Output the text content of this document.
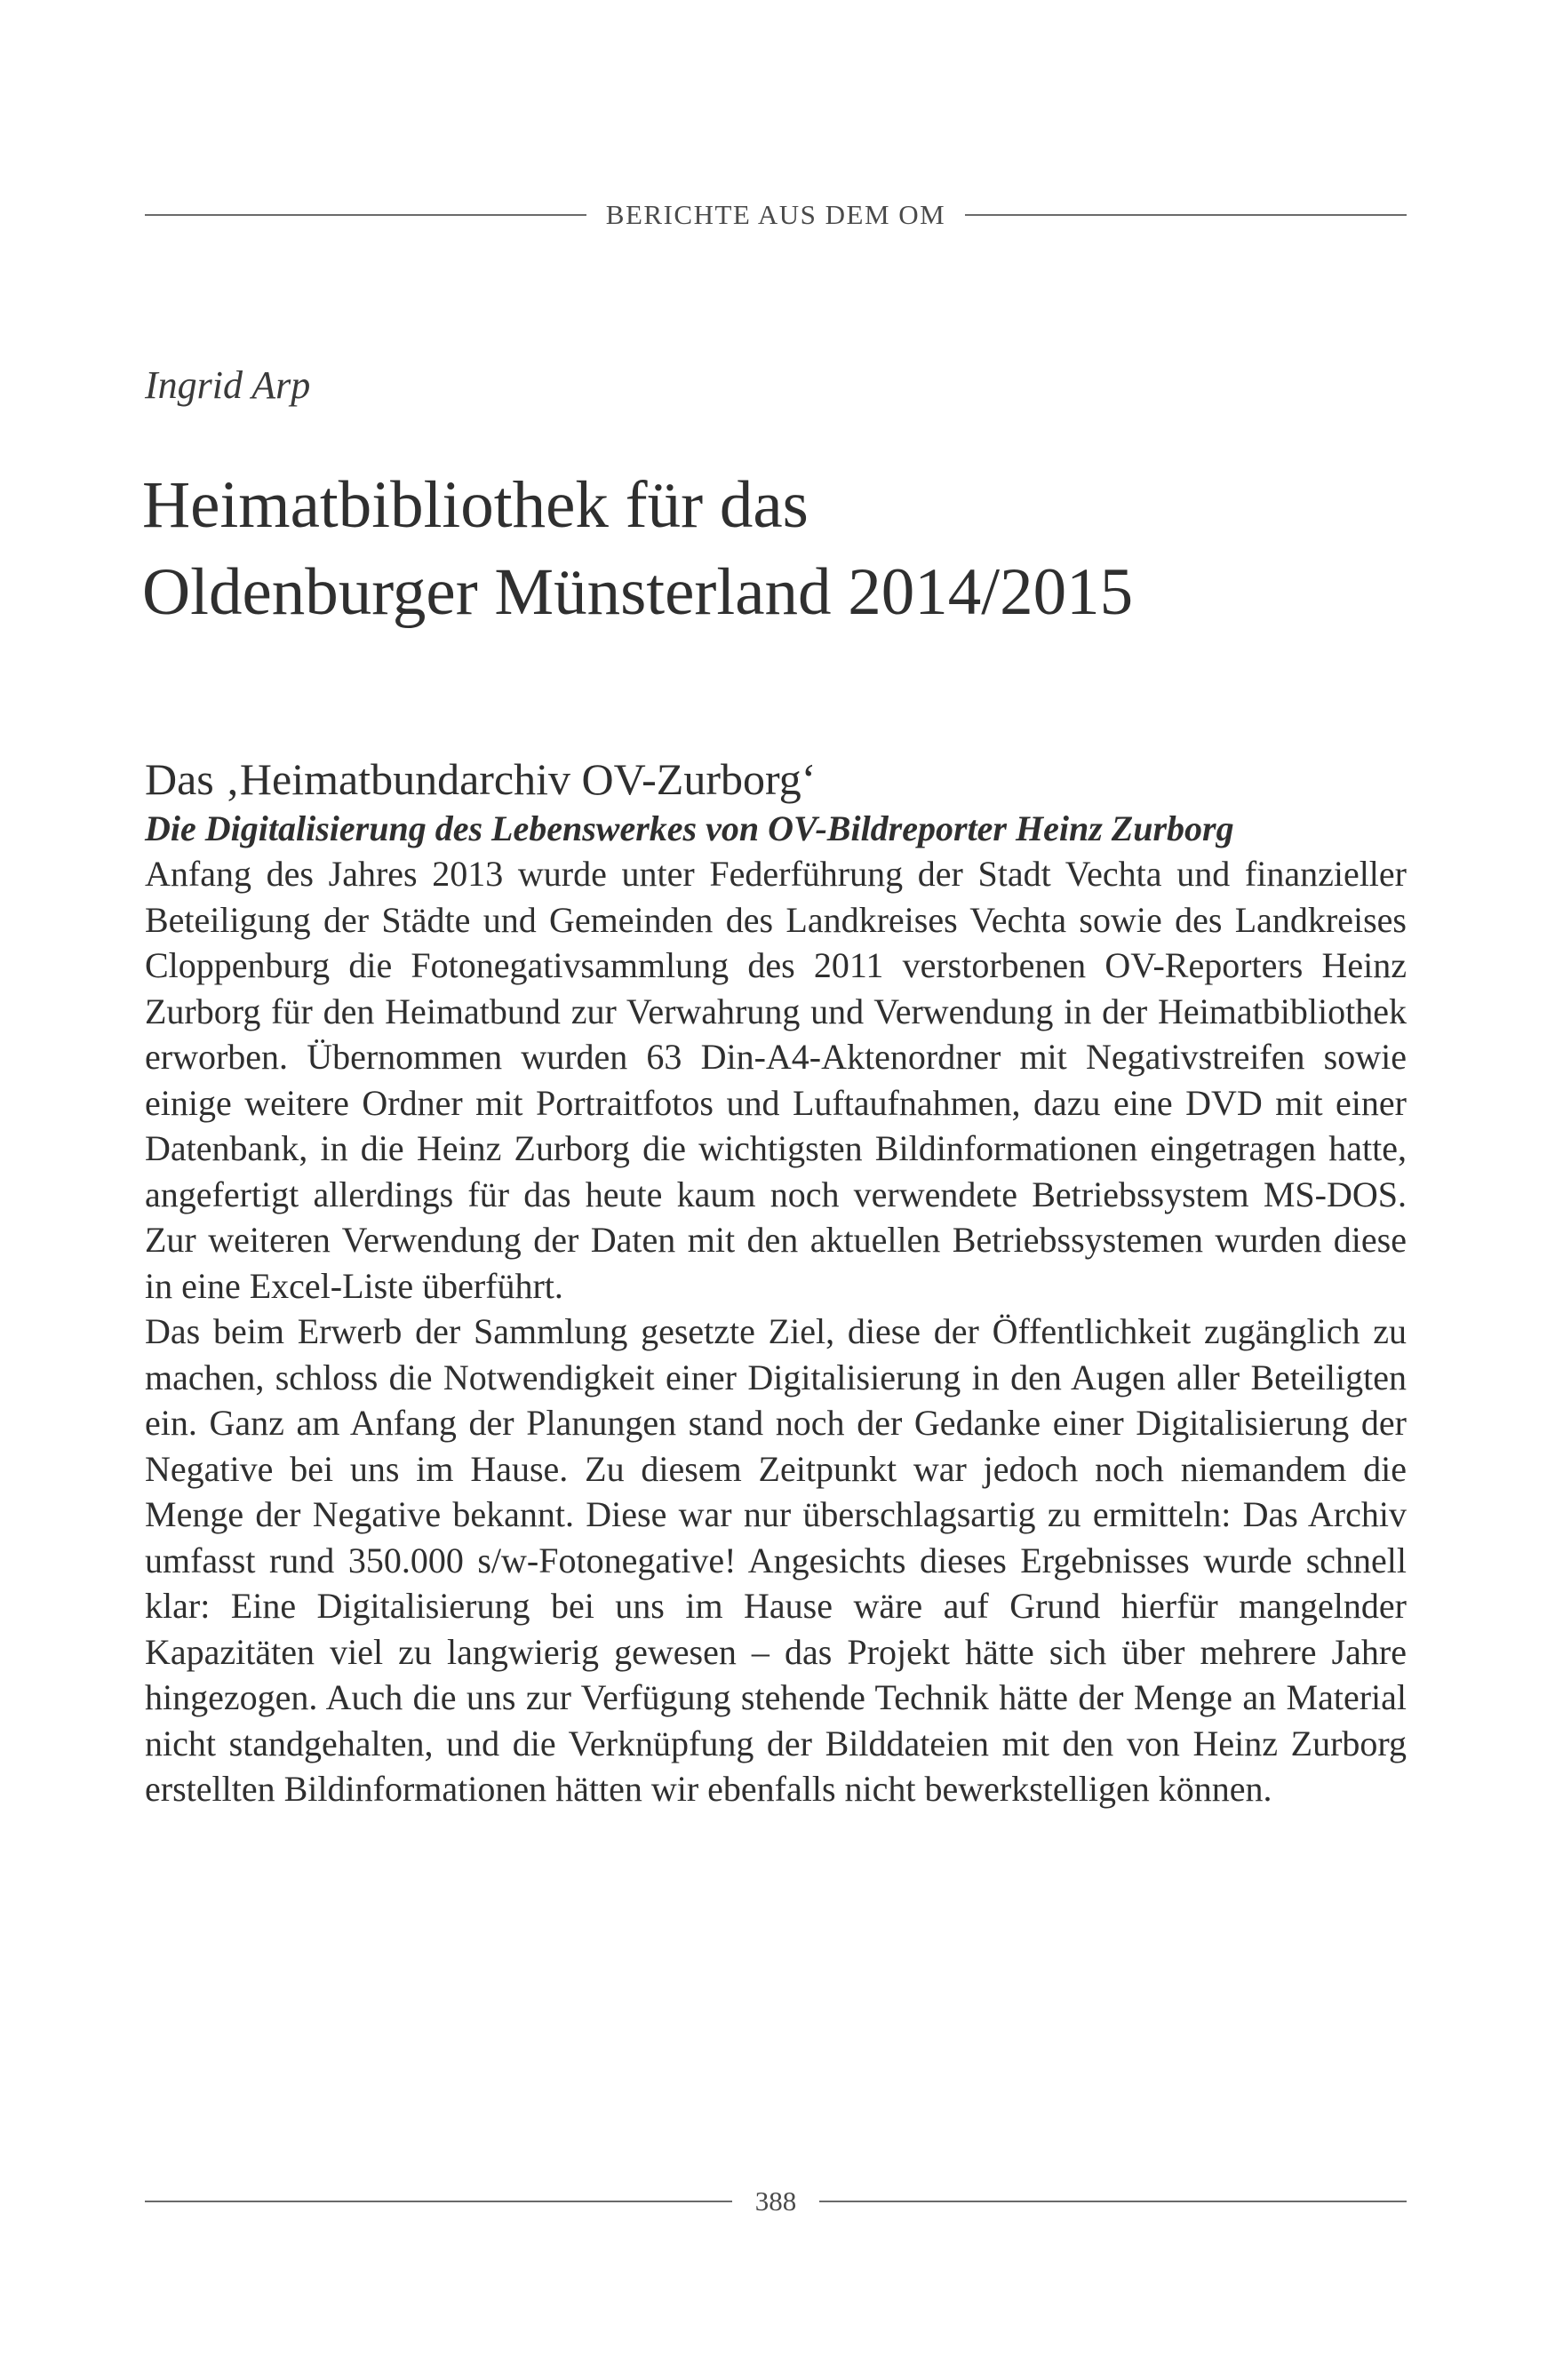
BERICHTE AUS DEM OM
Ingrid Arp
Heimatbibliothek für das
Oldenburger Münsterland 2014/2015
Das ‚Heimatbundarchiv OV-Zurborg‘

Die Digitalisierung des Lebenswerkes von OV-Bildreporter Heinz Zurborg

Anfang des Jahres 2013 wurde unter Federführung der Stadt Vechta und finanzieller Beteiligung der Städte und Gemeinden des Landkreises Vechta sowie des Landkreises Cloppenburg die Fotonegativsammlung des 2011 verstorbenen OV-Reporters Heinz Zurborg für den Heimatbund zur Verwahrung und Verwendung in der Heimatbibliothek erworben. Übernommen wurden 63 Din-A4-Aktenordner mit Negativstreifen sowie einige weitere Ordner mit Portraitfotos und Luftaufnahmen, dazu eine DVD mit einer Datenbank, in die Heinz Zurborg die wichtigsten Bildinformationen eingetragen hatte, angefertigt allerdings für das heute kaum noch verwendete Betriebssystem MS-DOS. Zur weiteren Verwendung der Daten mit den aktuellen Betriebssystemen wurden diese in eine Excel-Liste überführt.

Das beim Erwerb der Sammlung gesetzte Ziel, diese der Öffentlichkeit zugänglich zu machen, schloss die Notwendigkeit einer Digitalisierung in den Augen aller Beteiligten ein. Ganz am Anfang der Planungen stand noch der Gedanke einer Digitalisierung der Negative bei uns im Hause. Zu diesem Zeitpunkt war jedoch noch niemandem die Menge der Negative bekannt. Diese war nur überschlagsartig zu ermitteln: Das Archiv umfasst rund 350.000 s/w-Fotonegative! Angesichts dieses Ergebnisses wurde schnell klar: Eine Digitalisierung bei uns im Hause wäre auf Grund hierfür mangelnder Kapazitäten viel zu langwierig gewesen – das Projekt hätte sich über mehrere Jahre hingezogen. Auch die uns zur Verfügung stehende Technik hätte der Menge an Material nicht standgehalten, und die Verknüpfung der Bilddateien mit den von Heinz Zurborg erstellten Bildinformationen hätten wir ebenfalls nicht bewerkstelligen können.

388
